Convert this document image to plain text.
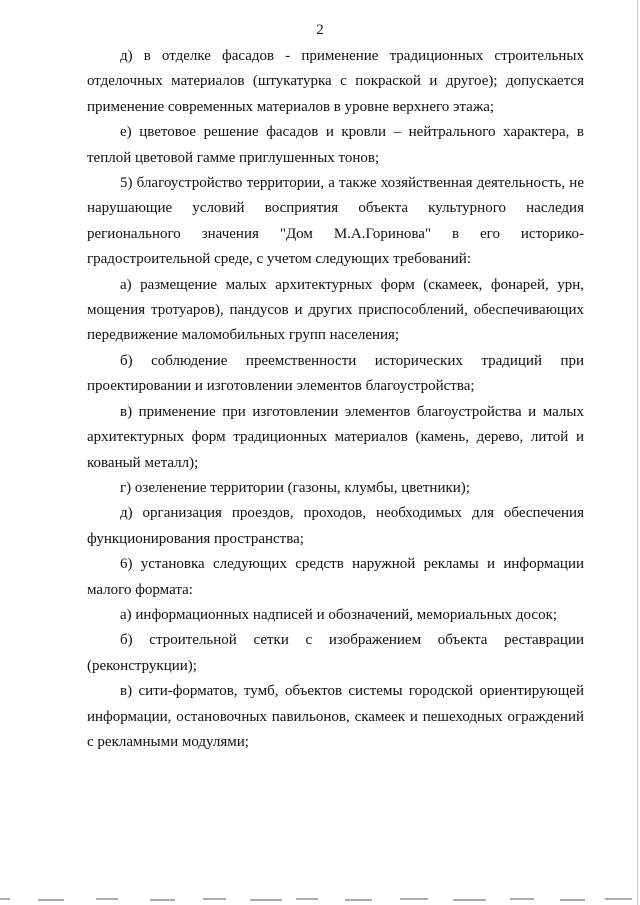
2

д) в отделке фасадов - применение традиционных строительных отделочных материалов (штукатурка с покраской и другое); допускается применение современных материалов в уровне верхнего этажа;

е) цветовое решение фасадов и кровли – нейтрального характера, в теплой цветовой гамме приглушенных тонов;

5) благоустройство территории, а также хозяйственная деятельность, не нарушающие условий восприятия объекта культурного наследия регионального значения "Дом М.А.Горинова" в его историко-градостроительной среде, с учетом следующих требований:

а) размещение малых архитектурных форм (скамеек, фонарей, урн, мощения тротуаров), пандусов и других приспособлений, обеспечивающих передвижение маломобильных групп населения;

б) соблюдение преемственности исторических традиций при проектировании и изготовлении элементов благоустройства;

в) применение при изготовлении элементов благоустройства и малых архитектурных форм традиционных материалов (камень, дерево, литой и кованый металл);

г) озеленение территории (газоны, клумбы, цветники);

д) организация проездов, проходов, необходимых для обеспечения функционирования пространства;

6) установка следующих средств наружной рекламы и информации малого формата:

а) информационных надписей и обозначений, мемориальных досок;

б) строительной сетки с изображением объекта реставрации (реконструкции);

в) сити-форматов, тумб, объектов системы городской ориентирующей информации, остановочных павильонов, скамеек и пешеходных ограждений с рекламными модулями;
